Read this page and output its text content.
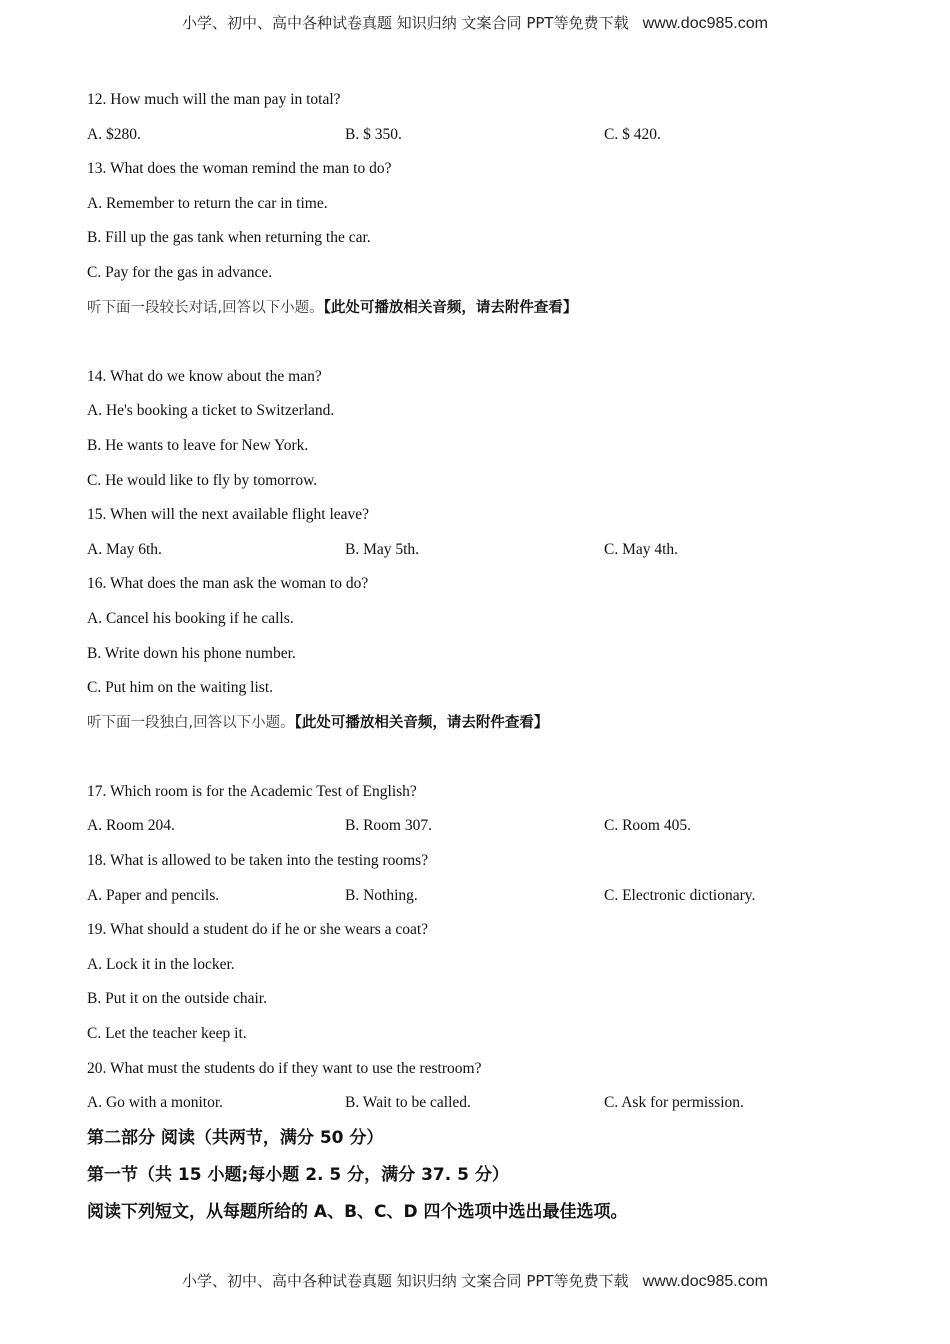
小学、初中、高中各种试卷真题 知识归纳 文案合同 PPT等免费下载 www.doc985.com
12. How much will the man pay in total?
A. $280.	B. $ 350.	C. $ 420.
13. What does the woman remind the man to do?
A. Remember to return the car in time.
B. Fill up the gas tank when returning the car.
C. Pay for the gas in advance.
听下面一段较长对话,回答以下小题。【此处可播放相关音频，请去附件查看】
14. What do we know about the man?
A. He's booking a ticket to Switzerland.
B. He wants to leave for New York.
C. He would like to fly by tomorrow.
15. When will the next available flight leave?
A. May 6th.	B. May 5th.	C. May 4th.
16. What does the man ask the woman to do?
A. Cancel his booking if he calls.
B. Write down his phone number.
C. Put him on the waiting list.
听下面一段独白,回答以下小题。【此处可播放相关音频，请去附件查看】
17. Which room is for the Academic Test of English?
A. Room 204.	B. Room 307.	C. Room 405.
18. What is allowed to be taken into the testing rooms?
A. Paper and pencils.	B. Nothing.	C. Electronic dictionary.
19. What should a student do if he or she wears a coat?
A. Lock it in the locker.
B. Put it on the outside chair.
C. Let the teacher keep it.
20. What must the students do if they want to use the restroom?
A. Go with a monitor.	B. Wait to be called.	C. Ask for permission.
第二部分 阅读（共两节，满分 50 分）
第一节（共 15 小题;每小题 2. 5 分，满分 37. 5 分）
阅读下列短文，从每题所给的 A、B、C、D 四个选项中选出最佳选项。
小学、初中、高中各种试卷真题 知识归纳 文案合同 PPT等免费下载 www.doc985.com
